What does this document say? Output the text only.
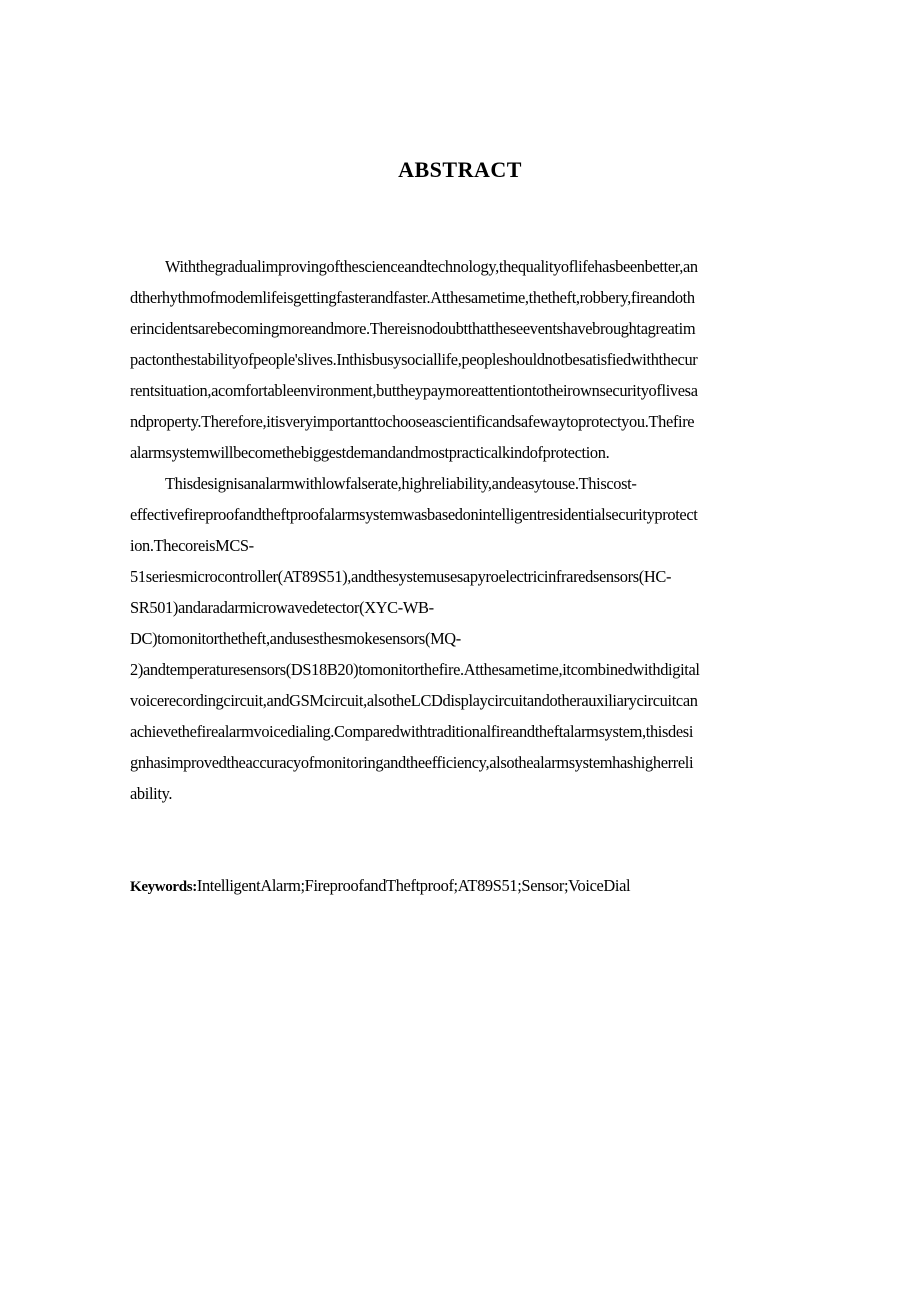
ABSTRACT
Withthegradualimprovingofthescienceandtechnology,thequalityoflifehasbeenbetter,an
dtherhythmofmodemlifeisgettingfasterandfaster.Atthesametime,thetheft,robbery,fireandoth
erincidentsarebecomingmoreandmore.Thereisnodoubtthattheseeventshavebroughtagreatim
pactonthestabilityofpeople'slives.Inthisbusysociallife,peopleshouldnotbesatisfiedwiththecur
rentsituation,acomfortableenvironment,buttheypaymoreattentiontotheirownsecurityoflivesa
ndproperty.Therefore,itisveryimportanttochooseascientificandsafewaytoprotectyou.Thefire
alarmsystemwillbecomethebiggestdemandandmostpracticalkindofprotection.
Thisdesignisanalarmwithlowfalserate,highreliability,andeasytouse.Thiscost-
effectivefireproofandtheftproofalarmsystemwasbasedonintelligentresidentialsecurityprotect
ion.ThecoreisMCS-
51seriesmicrocontroller(AT89S51),andthesystemusesapyroelectricinfraredsensors(HC-
SR501)andaradarmicrowavedetector(XYC-WB-
DC)tomonitorthetheft,andusesthesmokesensors(MQ-
2)andtemperaturesensors(DS18B20)tomonitorthefire.Atthesametime,itcombinedwithdigital
voicerecordingcircuit,andGSMcircuit,alsotheLCDdisplaycircuitandotherauxiliarycircuitcan
achievethefirealarmvoicedialing.Comparedwithtraditionalfireandtheftalarmsystem,thisdesi
gnhasimprovedtheaccuracyofmonitoringandtheefficiency,alsothealarmsystemhashigherreli
ability.
Keywords:IntelligentAlarm;FireproofandTheftproof;AT89S51;Sensor;VoiceDial
